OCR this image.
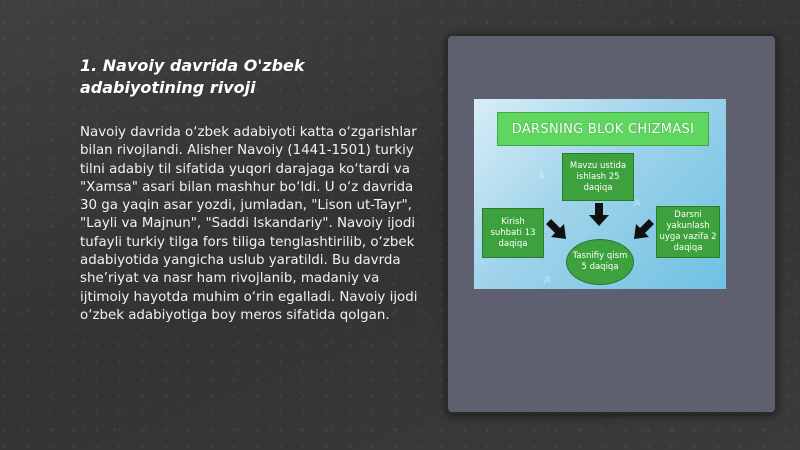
1. Navoiy davrida O'zbek adabiyotining rivoji

Navoiy davrida o‘zbek adabiyoti katta o‘zgarishlar bilan rivojlandi. Alisher Navoiy (1441-1501) turkiy tilni adabiy til sifatida yuqori darajaga ko‘tardi va "Xamsa" asari bilan mashhur bo‘ldi. U o‘z davrida 30 ga yaqin asar yozdi, jumladan, "Lison ut-Tayr", "Layli va Majnun", "Saddi Iskandariy". Navoiy ijodi tufayli turkiy tilga fors tiliga tenglashtirilib, o‘zbek adabiyotida yangicha uslub yaratildi. Bu davrda she’riyat va nasr ham rivojlanib, madaniy va ijtimoiy hayotda muhim o‘rin egalladi. Navoiy ijodi o‘zbek adabiyotiga boy meros sifatida qolgan.

A
A
A
DARSNING BLOK CHIZMASI
Mavzu ustida ishlash 25 daqiqa
Kirish suhbati 13 daqiqa
Darsni yakunlash uyga vazifa 2 daqiqa
Tasnifiy qism 5 daqiqa
